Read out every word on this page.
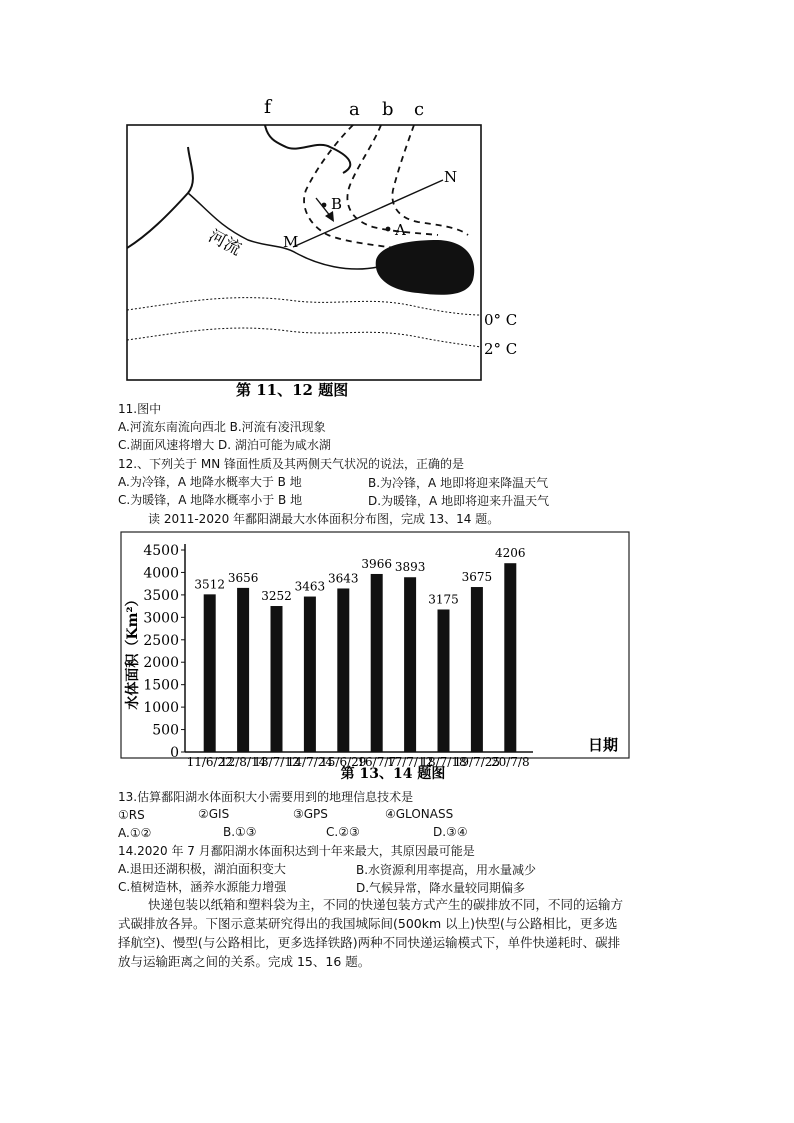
f	a b c
M
N
B
A
河流
0° C
2° C
第 11、12 题图
11.图中
A.河流东南流向西北 B.河流有凌汛现象
C.湖面风速将增大 D. 湖泊可能为咸水湖
12.、下列关于 MN 锋面性质及其两侧天气状况的说法，正确的是
A.为冷锋，A 地降水概率大于 B 地	B.为冷锋，A 地即将迎来降温天气
C.为暖锋，A 地降水概率小于 B 地	D.为暖锋，A 地即将迎来升温天气
读 2011-2020 年鄱阳湖最大水体面积分布图，完成 13、14 题。
0
500
1000
1500
2000
2500
3000
3500
4000
4500
水体面积（Km²）
3512
11/6/22
3656
12/8/14
3252
13/7/12
3463
14/7/24
3643
15/6/29
3966
16/7/7
3893
17/7/12
3175
18/7/18
3675
19/7/25
4206
20/7/8
日期
第 13、14 题图
13.估算鄱阳湖水体面积大小需要用到的地理信息技术是
①RS	②GIS	③GPS	④GLONASS
A.①②	B.①③	C.②③	D.③④
14.2020 年 7 月鄱阳湖水体面积达到十年来最大，其原因最可能是
A.退田还湖积极，湖泊面积变大	B.水资源利用率提高，用水量减少
C.植树造林，涵养水源能力增强	D.气候异常，降水量较同期偏多
快递包装以纸箱和塑料袋为主，不同的快递包装方式产生的碳排放不同，不同的运输方
式碳排放各异。下图示意某研究得出的我国城际间(500km 以上)快型(与公路相比，更多选
择航空)、慢型(与公路相比，更多选择铁路)两种不同快递运输模式下，单件快递耗时、碳排
放与运输距离之间的关系。完成 15、16 题。
